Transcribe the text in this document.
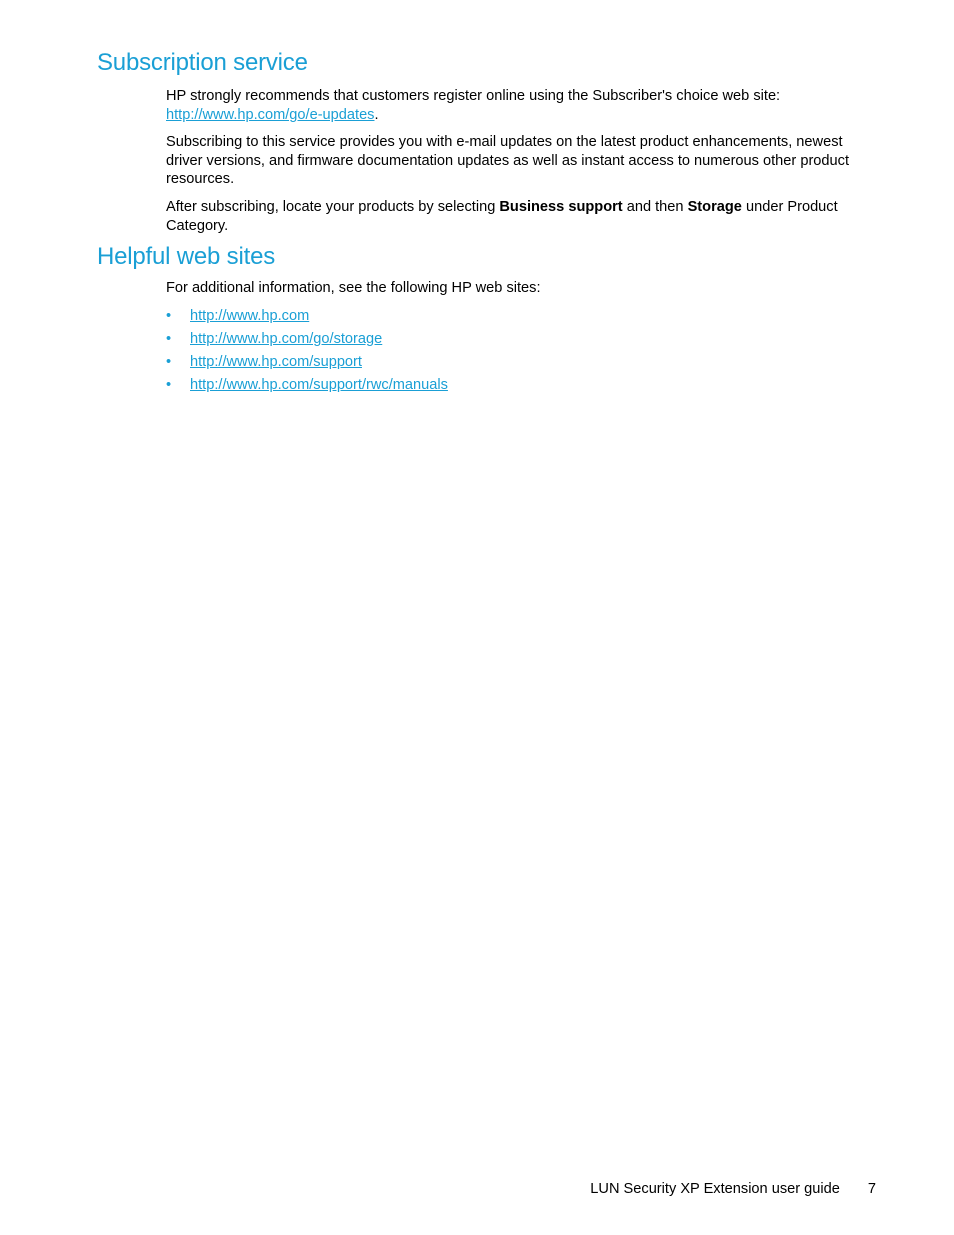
Subscription service

HP strongly recommends that customers register online using the Subscriber's choice web site:
http://www.hp.com/go/e-updates.

Subscribing to this service provides you with e-mail updates on the latest product enhancements, newest driver versions, and firmware documentation updates as well as instant access to numerous other product resources.

After subscribing, locate your products by selecting Business support and then Storage under Product Category.

Helpful web sites

For additional information, see the following HP web sites:

• http://www.hp.com
• http://www.hp.com/go/storage
• http://www.hp.com/support
• http://www.hp.com/support/rwc/manuals
LUN Security XP Extension user guide 7
